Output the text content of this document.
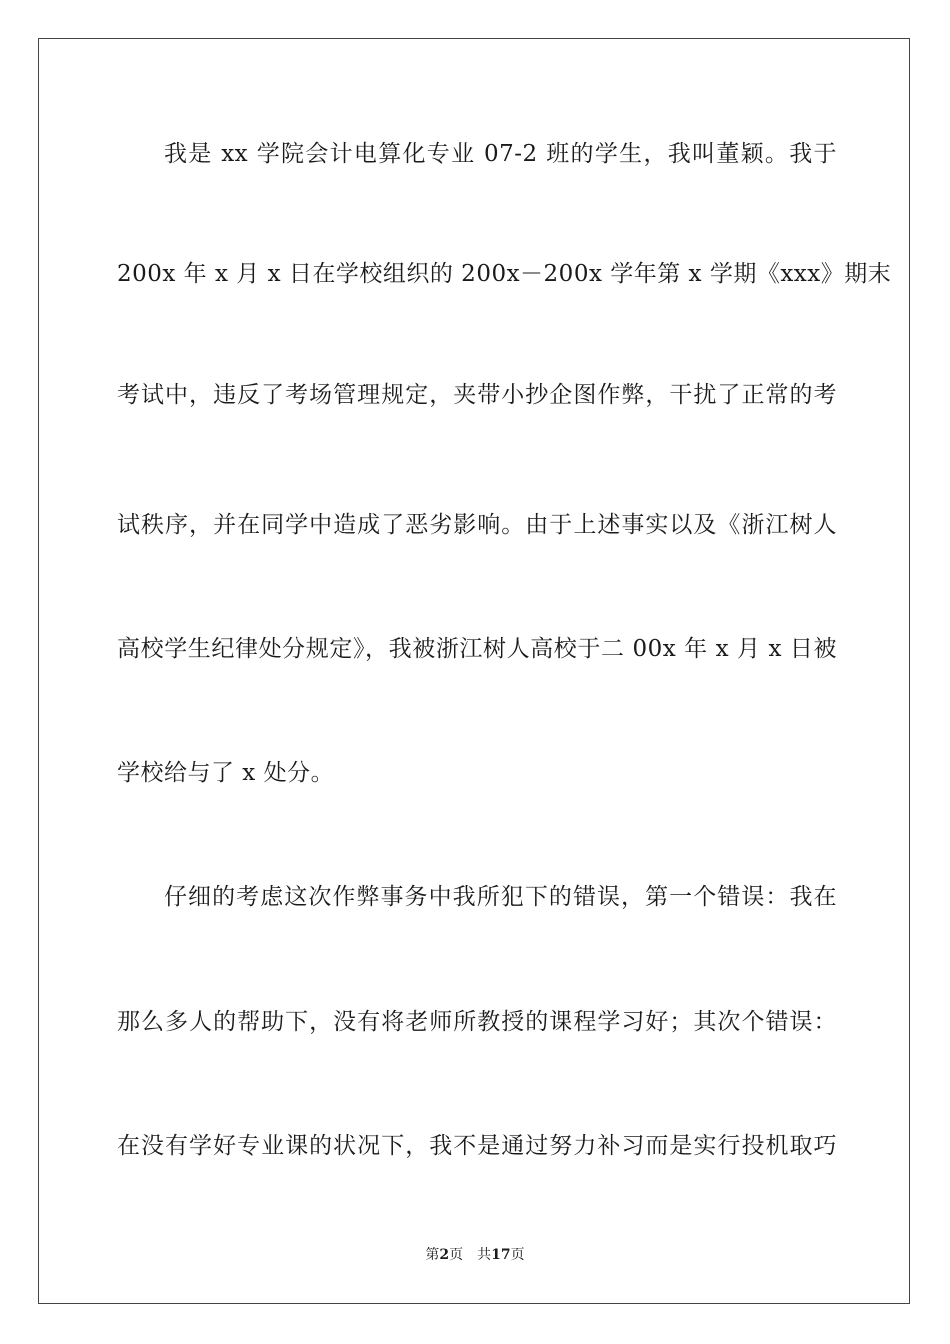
我是 xx 学院会计电算化专业 07-2 班的学生，我叫董颖。我于
200x 年 x 月 x 日在学校组织的 200x－200x 学年第 x 学期《xxx》期末
考试中，违反了考场管理规定，夹带小抄企图作弊，干扰了正常的考
试秩序，并在同学中造成了恶劣影响。由于上述事实以及《浙江树人
高校学生纪律处分规定》，我被浙江树人高校于二 00x 年 x 月 x 日被
学校给与了 x 处分。
仔细的考虑这次作弊事务中我所犯下的错误，第一个错误：我在
那么多人的帮助下，没有将老师所教授的课程学习好；其次个错误：
在没有学好专业课的状况下，我不是通过努力补习而是实行投机取巧
第2页 共17页
